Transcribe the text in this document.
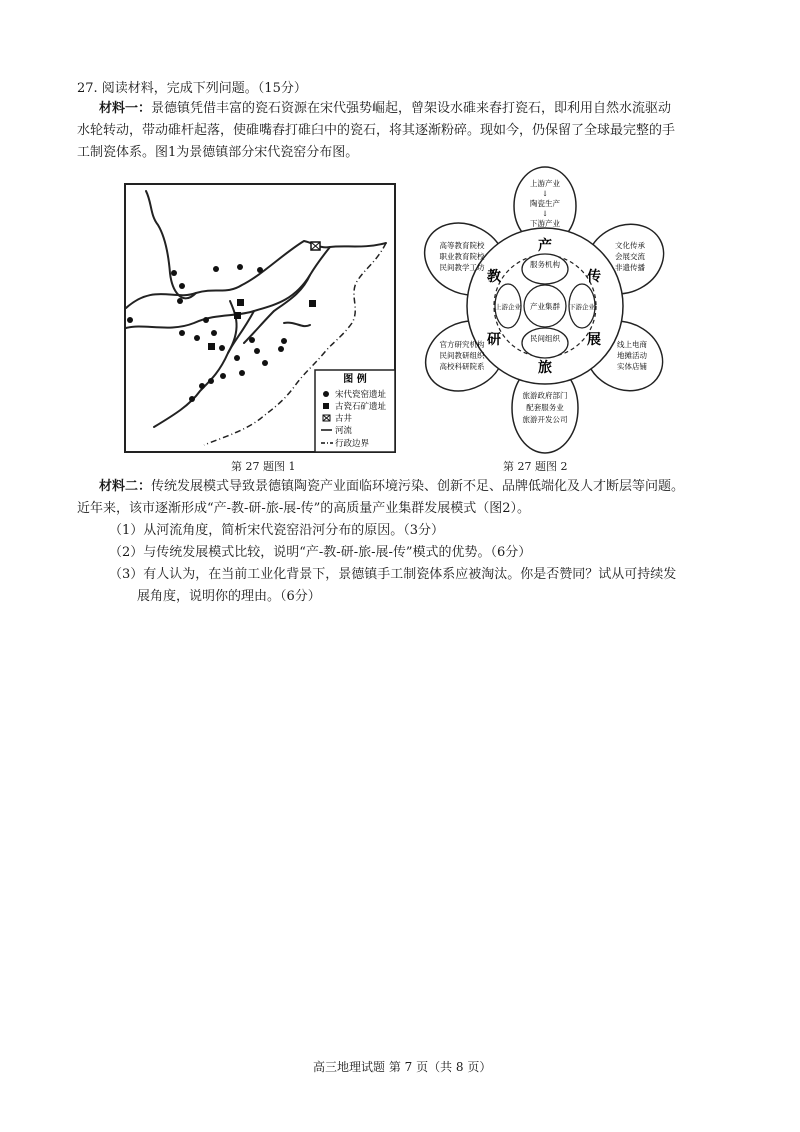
27. 阅读材料，完成下列问题。（15分）
材料一：景德镇凭借丰富的瓷石资源在宋代强势崛起，曾架设水碓来舂打瓷石，即利用自然水流驱动
水轮转动，带动碓杆起落，使碓嘴舂打碓臼中的瓷石，将其逐渐粉碎。现如今，仍保留了全球最完整的手
工制瓷体系。图1为景德镇部分宋代瓷窑分布图。
图 例
宋代瓷窑遗址
古瓷石矿遗址
古井
河流
行政边界
第 27 题图 1
产
传
展
旅
研
教
服务机构
民间组织
产业集群
上游企业	下游企业
上游产业
↓
陶瓷生产
↓
下游产业
文化传承
会展交流
非遗传播
线上电商
地摊活动
实体店铺
旅游政府部门
配套服务业
旅游开发公司
官方研究机构
民间教研组织
高校科研院系
高等教育院校
职业教育院校
民间教学工坊
第 27 题图 2
材料二：传统发展模式导致景德镇陶瓷产业面临环境污染、创新不足、品牌低端化及人才断层等问题。
近年来，该市逐渐形成“产-教-研-旅-展-传”的高质量产业集群发展模式（图2）。
（1）从河流角度，简析宋代瓷窑沿河分布的原因。（3分）
（2）与传统发展模式比较，说明“产-教-研-旅-展-传”模式的优势。（6分）
（3）有人认为，在当前工业化背景下，景德镇手工制瓷体系应被淘汰。你是否赞同？试从可持续发
展角度，说明你的理由。（6分）
高三地理试题 第 7 页（共 8 页）
